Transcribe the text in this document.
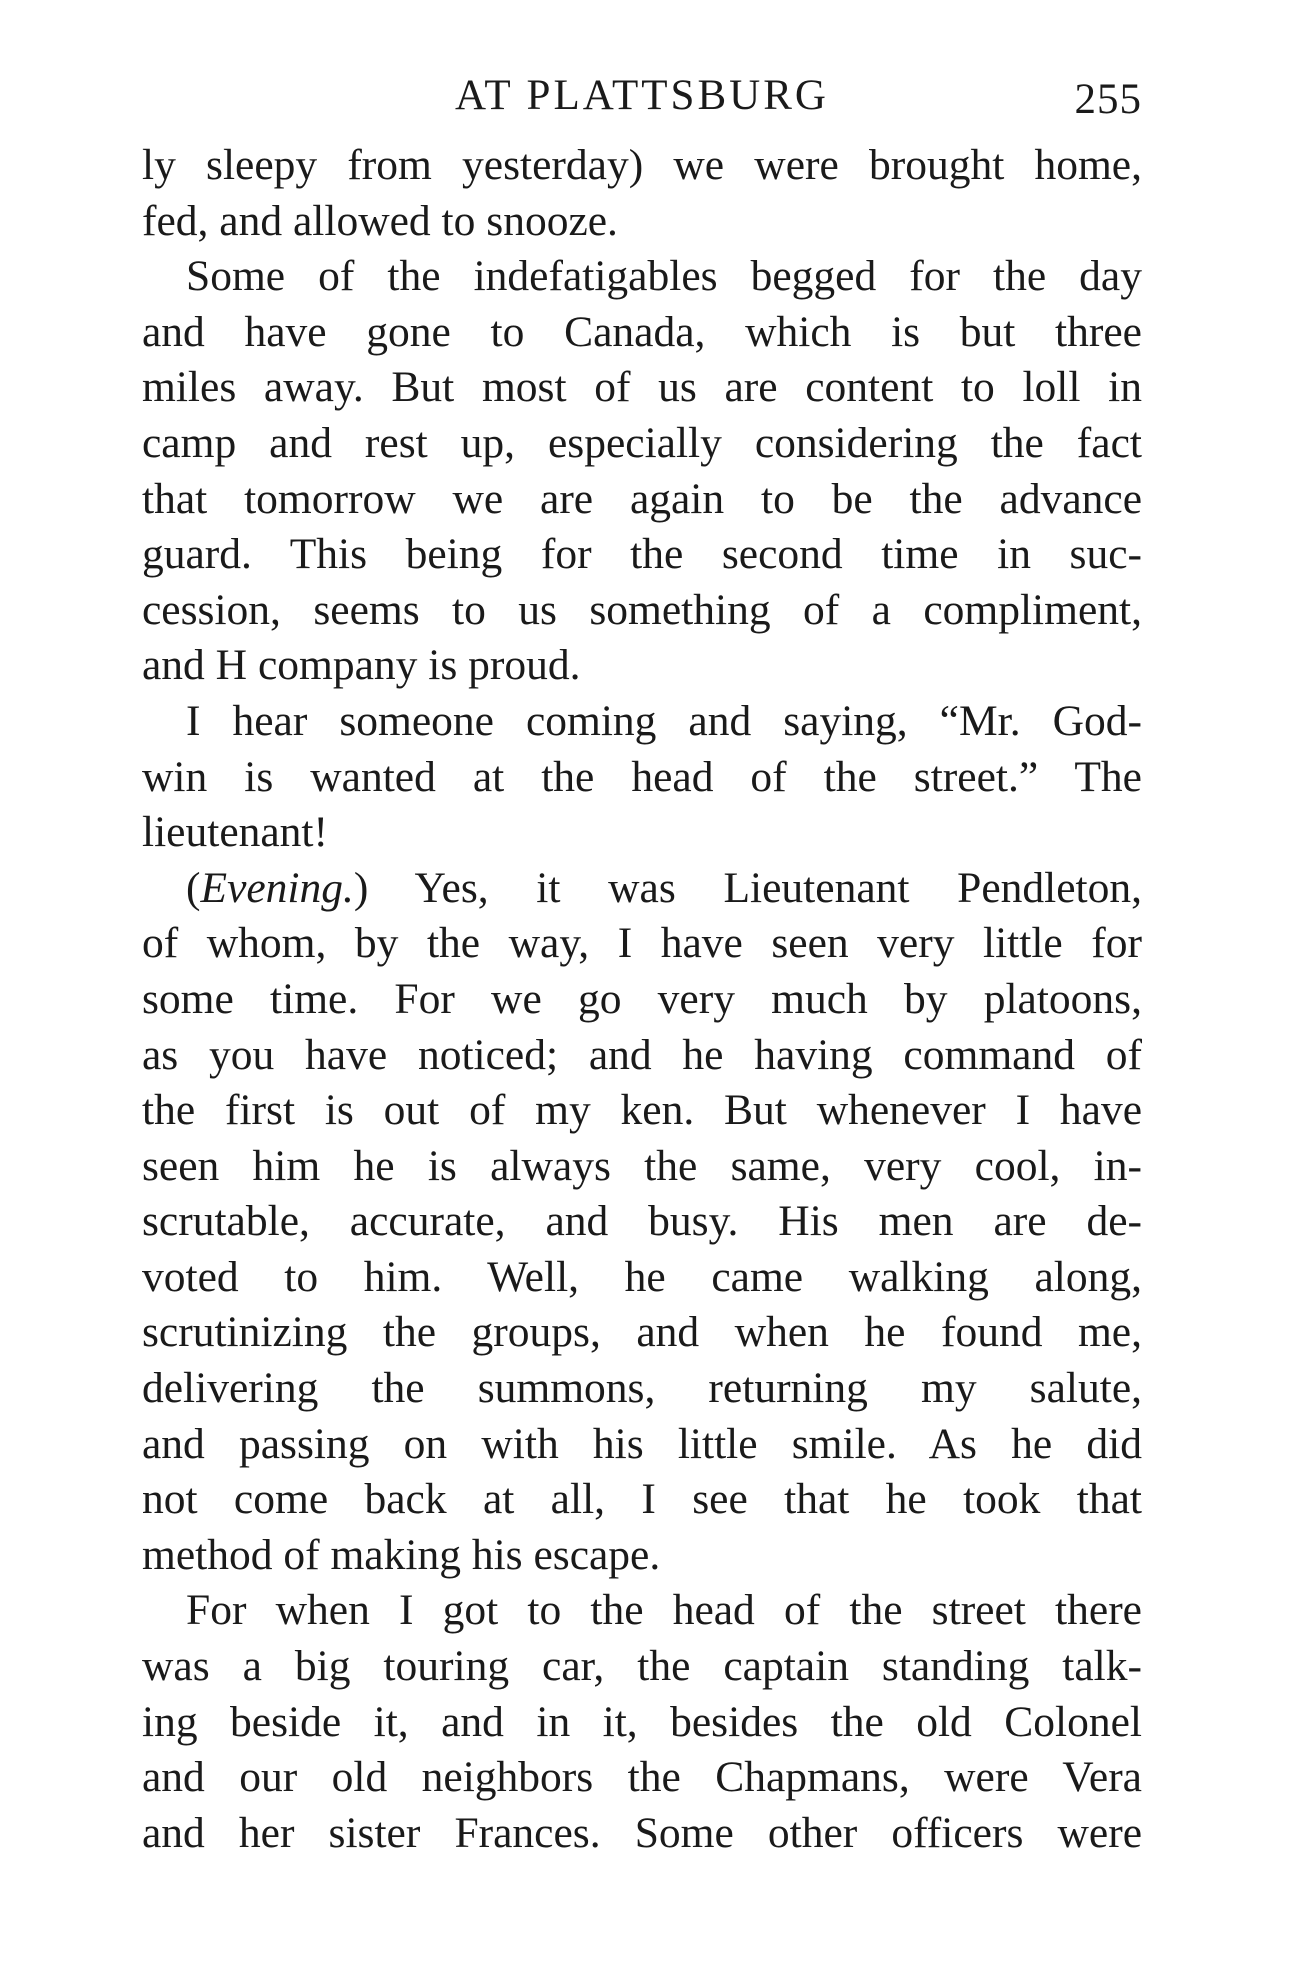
AT PLATTSBURG	255
ly sleepy from yesterday) we were brought home,
fed, and allowed to snooze.
Some of the indefatigables begged for the day
and have gone to Canada, which is but three
miles away. But most of us are content to loll in
camp and rest up, especially considering the fact
that tomorrow we are again to be the advance
guard. This being for the second time in suc-
cession, seems to us something of a compliment,
and H company is proud.
I hear someone coming and saying, “Mr. God-
win is wanted at the head of the street.” The
lieutenant!
(Evening.) Yes, it was Lieutenant Pendleton,
of whom, by the way, I have seen very little for
some time. For we go very much by platoons,
as you have noticed; and he having command of
the first is out of my ken. But whenever I have
seen him he is always the same, very cool, in-
scrutable, accurate, and busy. His men are de-
voted to him. Well, he came walking along,
scrutinizing the groups, and when he found me,
delivering the summons, returning my salute,
and passing on with his little smile. As he did
not come back at all, I see that he took that
method of making his escape.
For when I got to the head of the street there
was a big touring car, the captain standing talk-
ing beside it, and in it, besides the old Colonel
and our old neighbors the Chapmans, were Vera
and her sister Frances. Some other officers were
